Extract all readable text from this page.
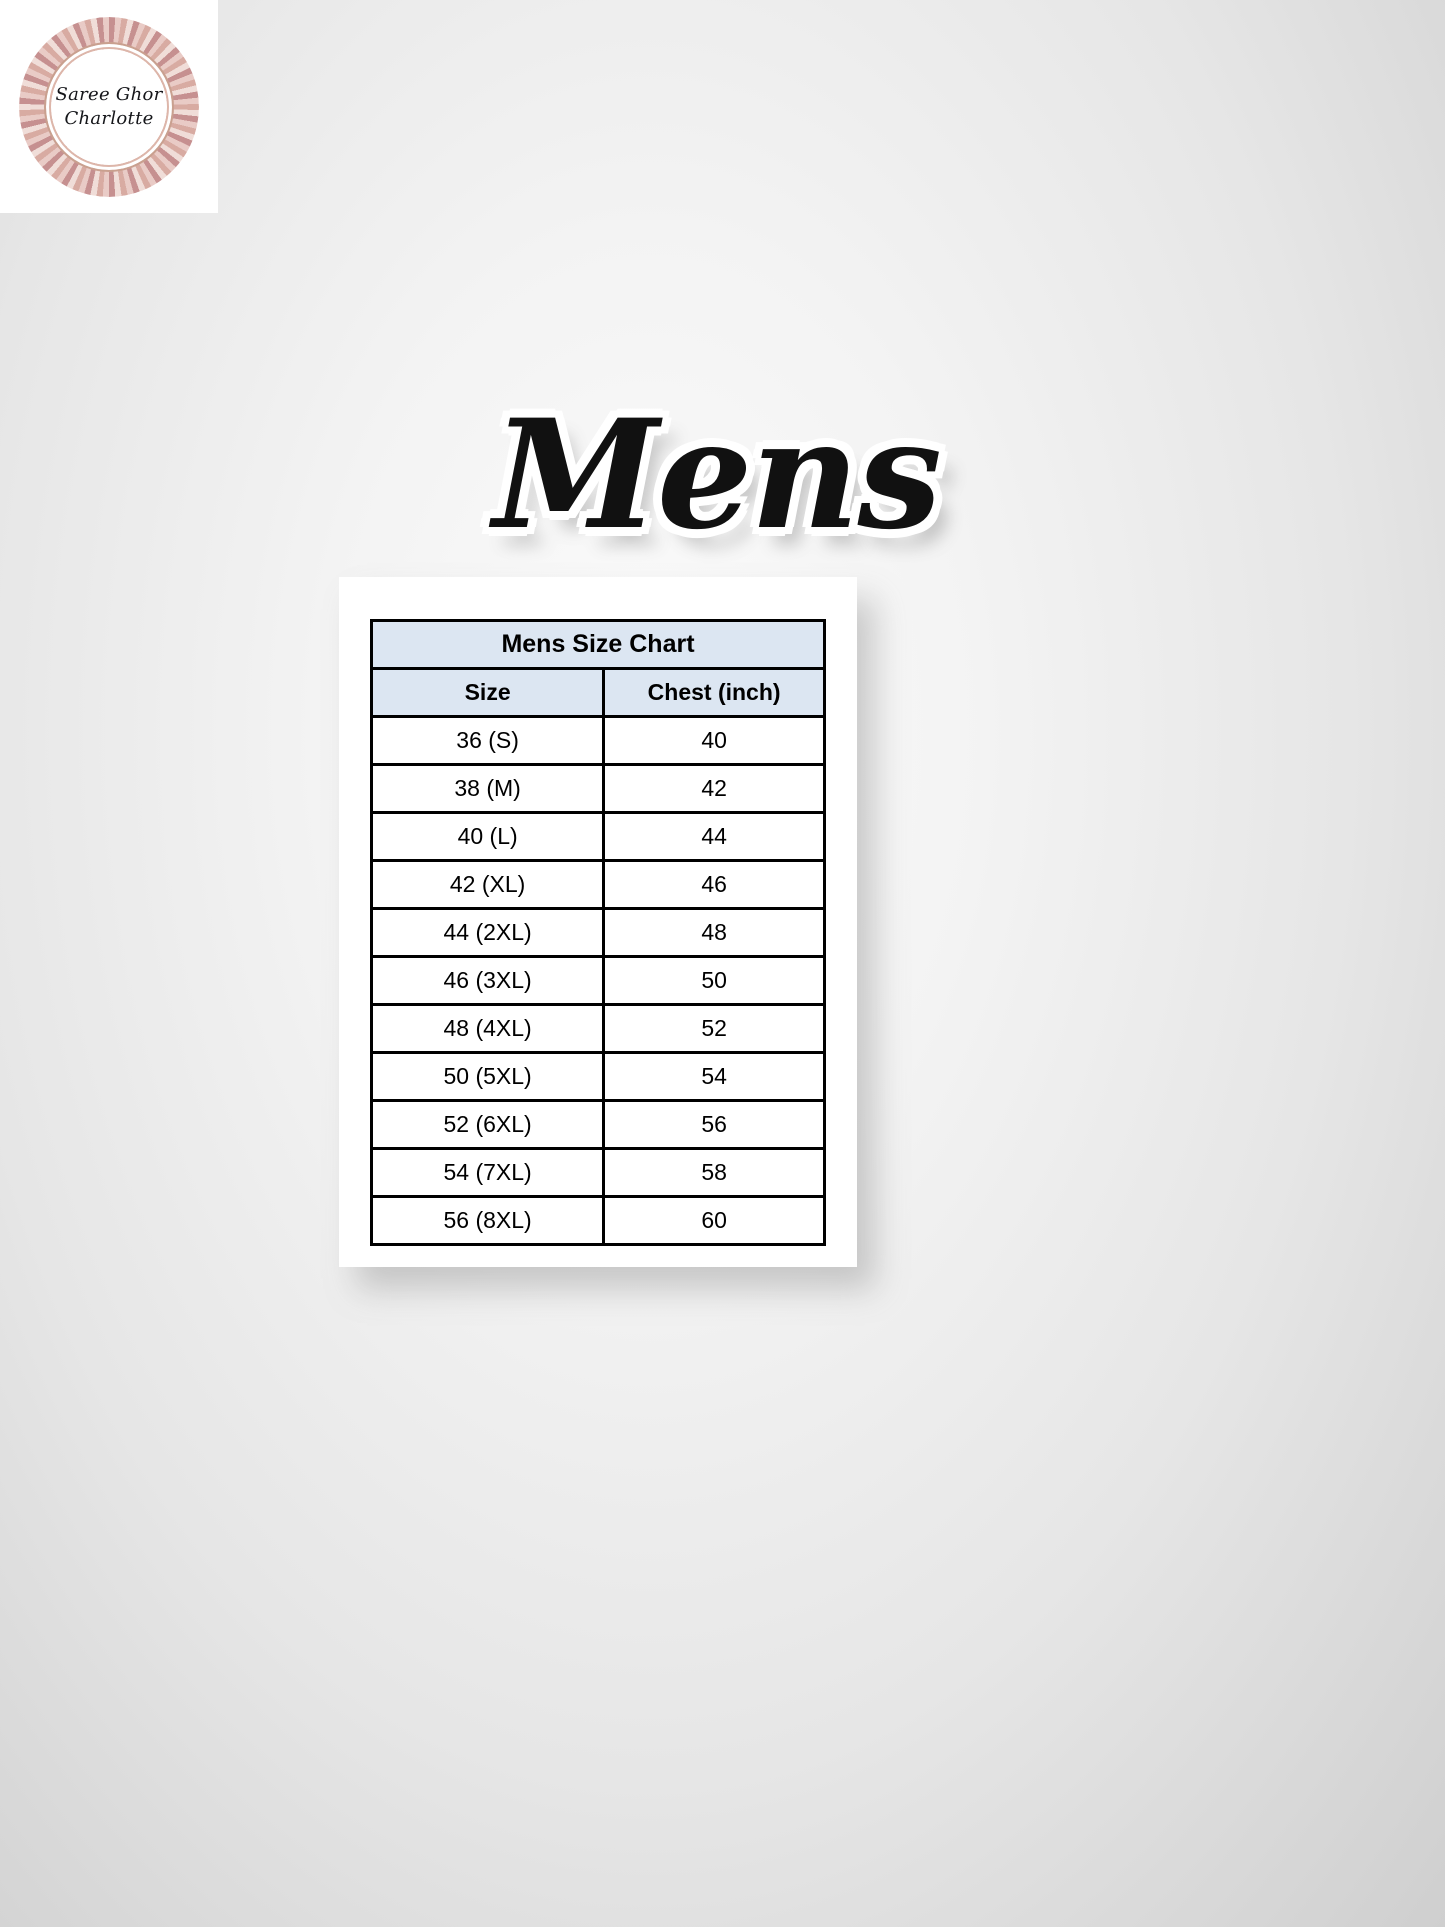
Saree Ghor
Charlotte
Mens
Mens Size Chart	
Size	Chest (inch)
36 (S)	40
38 (M)	42
40 (L)	44
42 (XL)	46
44 (2XL)	48
46 (3XL)	50
48 (4XL)	52
50 (5XL)	54
52 (6XL)	56
54 (7XL)	58
56 (8XL)	60
